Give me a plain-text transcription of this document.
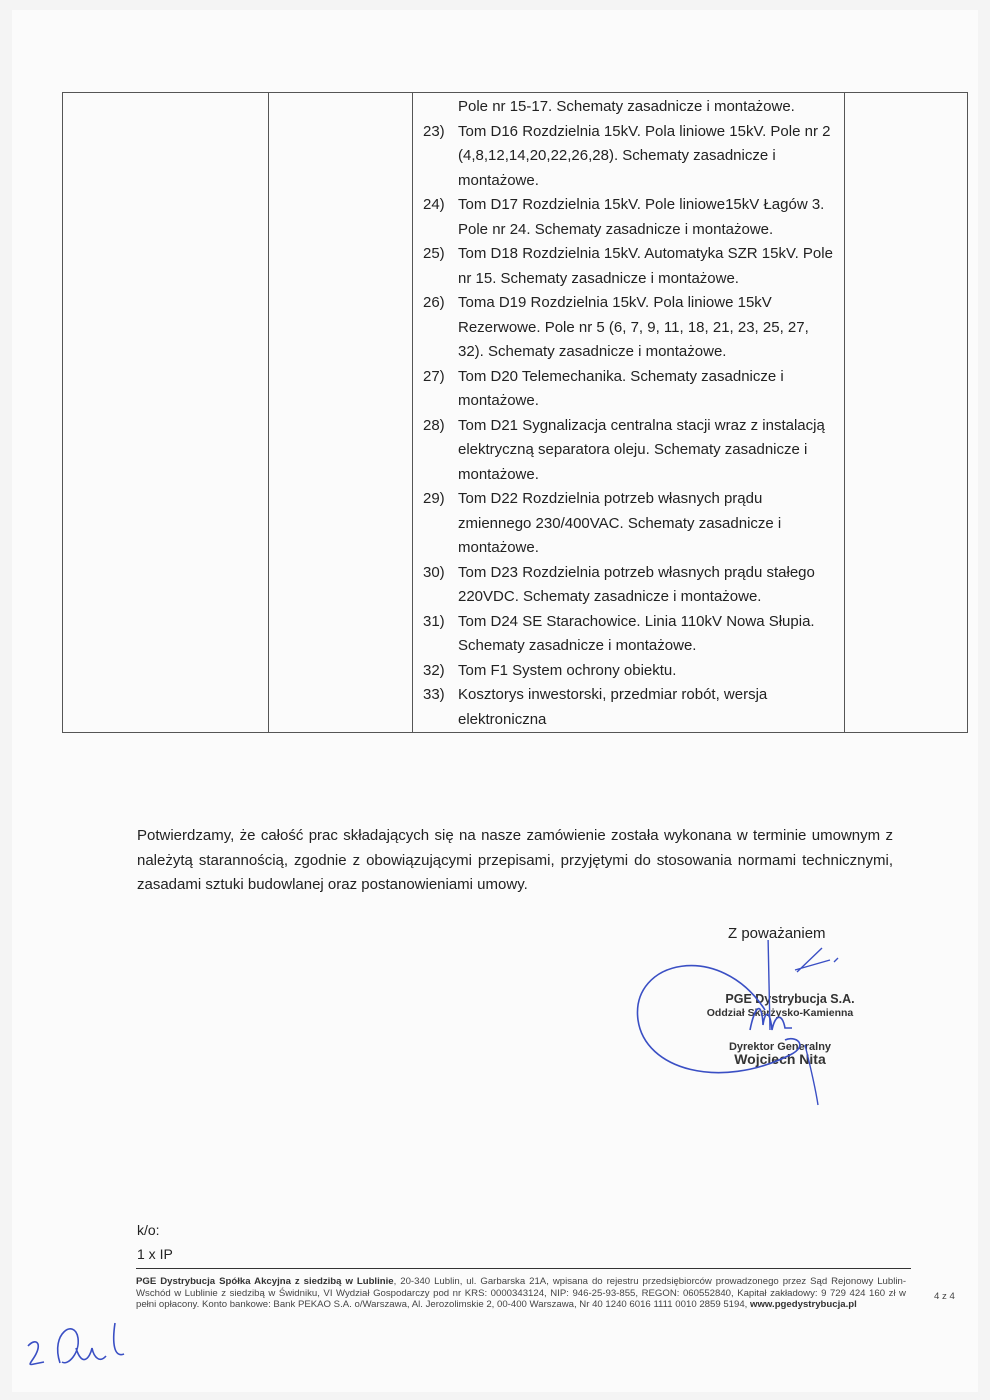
Pole nr 15-17. Schematy zasadnicze i montażowe.
23) Tom D16 Rozdzielnia 15kV. Pola liniowe 15kV. Pole nr 2 (4,8,12,14,20,22,26,28). Schematy zasadnicze i montażowe.
24) Tom D17 Rozdzielnia 15kV. Pole liniowe15kV Łagów 3. Pole nr 24. Schematy zasadnicze i montażowe.
25) Tom D18 Rozdzielnia 15kV. Automatyka SZR 15kV. Pole nr 15. Schematy zasadnicze i montażowe.
26) Toma D19 Rozdzielnia 15kV. Pola liniowe 15kV Rezerwowe. Pole nr 5 (6, 7, 9, 11, 18, 21, 23, 25, 27, 32). Schematy zasadnicze i montażowe.
27) Tom D20 Telemechanika. Schematy zasadnicze i montażowe.
28) Tom D21 Sygnalizacja centralna stacji wraz z instalacją elektryczną separatora oleju. Schematy zasadnicze i montażowe.
29) Tom D22 Rozdzielnia potrzeb własnych prądu zmiennego 230/400VAC. Schematy zasadnicze i montażowe.
30) Tom D23 Rozdzielnia potrzeb własnych prądu stałego 220VDC. Schematy zasadnicze i montażowe.
31) Tom D24 SE Starachowice. Linia 110kV Nowa Słupia. Schematy zasadnicze i montażowe.
32) Tom F1 System ochrony obiektu.
33) Kosztorys inwestorski, przedmiar robót, wersja elektroniczna

Potwierdzamy, że całość prac składających się na nasze zamówienie została wykonana w terminie umownym z należytą starannością, zgodnie z obowiązującymi przepisami, przyjętymi do stosowania normami technicznymi, zasadami sztuki budowlanej oraz postanowieniami umowy.
Z poważaniem
PGE Dystrybucja S.A.
Oddział Skarżysko-Kamienna
Dyrektor Generalny
Wojciech Nita
k/o:
1 x IP
PGE Dystrybucja Spółka Akcyjna z siedzibą w Lublinie, 20-340 Lublin, ul. Garbarska 21A, wpisana do rejestru przedsiębiorców prowadzonego przez Sąd Rejonowy Lublin-Wschód w Lublinie z siedzibą w Świdniku, VI Wydział Gospodarczy pod nr KRS: 0000343124, NIP: 946-25-93-855, REGON: 060552840, Kapitał zakładowy: 9 729 424 160 zł w pełni opłacony. Konto bankowe: Bank PEKAO S.A. o/Warszawa, Al. Jerozolimskie 2, 00-400 Warszawa, Nr 40 1240 6016 1111 0010 2859 5194, www.pgedystrybucja.pl
4 z 4
